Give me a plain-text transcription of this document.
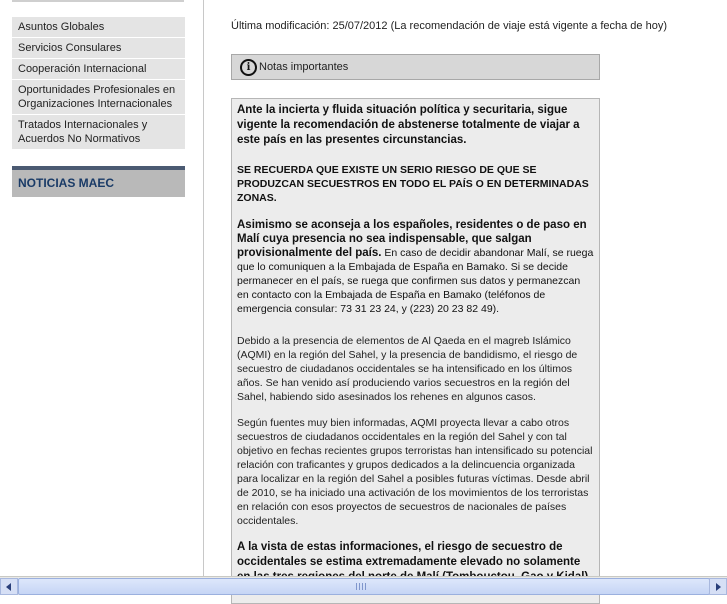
Asuntos Globales
Servicios Consulares
Cooperación Internacional
Oportunidades Profesionales en Organizaciones Internacionales
Tratados Internacionales y Acuerdos No Normativos
NOTICIAS MAEC
Última modificación: 25/07/2012 (La recomendación de viaje está vigente a fecha de hoy)
i Notas importantes

Ante la incierta y fluida situación política y securitaria, sigue vigente la recomendación de abstenerse totalmente de viajar a este país en las presentes circunstancias.

SE RECUERDA QUE EXISTE UN SERIO RIESGO DE QUE SE PRODUZCAN SECUESTROS EN TODO EL PAÍS O EN DETERMINADAS ZONAS.

Asimismo se aconseja a los españoles, residentes o de paso en Malí cuya presencia no sea indispensable, que salgan provisionalmente del país. En caso de decidir abandonar Malí, se ruega que lo comuniquen a la Embajada de España en Bamako. Si se decide permanecer en el país, se ruega que confirmen sus datos y permanezcan en contacto con la Embajada de España en Bamako (teléfonos de emergencia consular: 73 31 23 24, y (223) 20 23 82 49).

Debido a la presencia de elementos de Al Qaeda en el magreb Islámico (AQMI) en la región del Sahel, y la presencia de bandidismo, el riesgo de secuestro de ciudadanos occidentales se ha intensificado en los últimos años. Se han venido así produciendo varios secuestros en la región del Sahel, habiendo sido asesinados los rehenes en algunos casos.

Según fuentes muy bien informadas, AQMI proyecta llevar a cabo otros secuestros de ciudadanos occidentales en la región del Sahel y con tal objetivo en fechas recientes grupos terroristas han intensificado su potencial relación con traficantes y grupos dedicados a la delincuencia organizada para localizar en la región del Sahel a posibles futuras víctimas. Desde abril de 2010, se ha iniciado una activación de los movimientos de los terroristas en relación con esos proyectos de secuestros de nacionales de países occidentales.

A la vista de estas informaciones, el riesgo de secuestro de occidentales se estima extremadamente elevado no solamente
